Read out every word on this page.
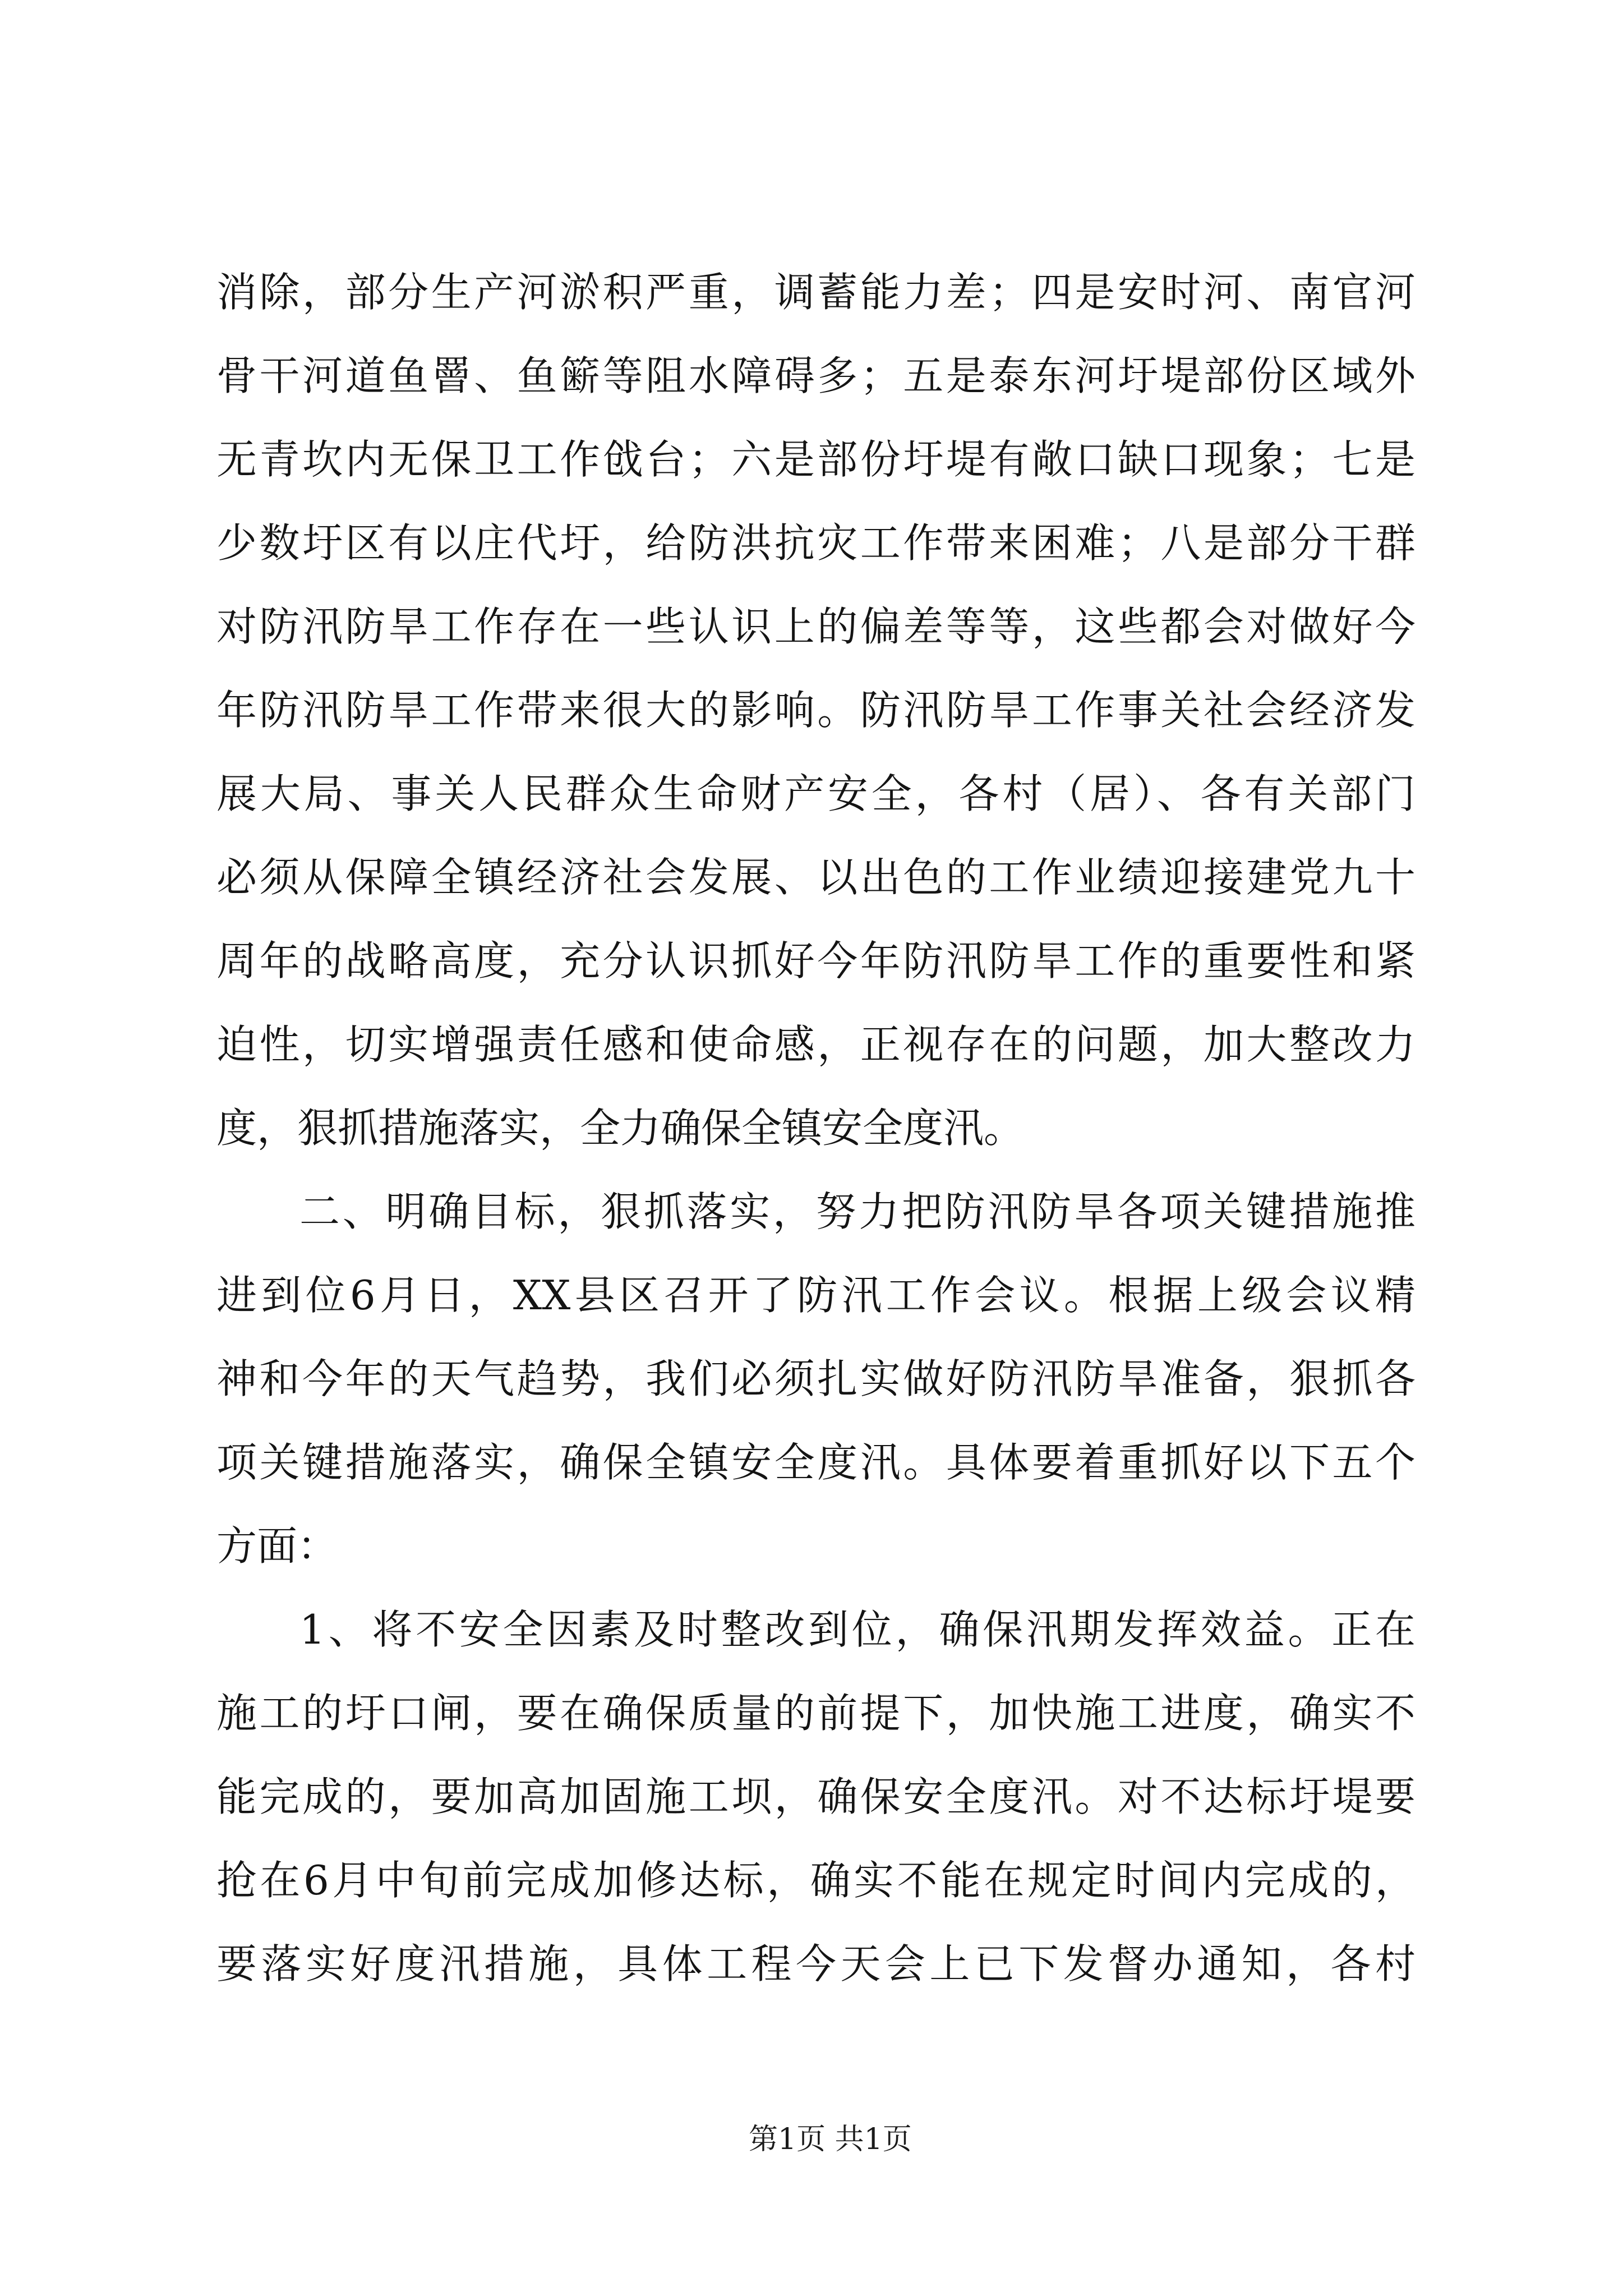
消除，部分生产河淤积严重，调蓄能力差；四是安时河、南官河
骨干河道鱼罾、鱼簖等阻水障碍多；五是泰东河圩堤部份区域外
无青坎内无保卫工作戗台；六是部份圩堤有敞口缺口现象；七是
少数圩区有以庄代圩，给防洪抗灾工作带来困难；八是部分干群
对防汛防旱工作存在一些认识上的偏差等等，这些都会对做好今
年防汛防旱工作带来很大的影响。防汛防旱工作事关社会经济发
展大局、事关人民群众生命财产安全，各村（居）、各有关部门
必须从保障全镇经济社会发展、以出色的工作业绩迎接建党九十
周年的战略高度，充分认识抓好今年防汛防旱工作的重要性和紧
迫性，切实增强责任感和使命感，正视存在的问题，加大整改力
度，狠抓措施落实，全力确保全镇安全度汛。
二、明确目标，狠抓落实，努力把防汛防旱各项关键措施推
进到位6月日，XX县区召开了防汛工作会议。根据上级会议精
神和今年的天气趋势，我们必须扎实做好防汛防旱准备，狠抓各
项关键措施落实，确保全镇安全度汛。具体要着重抓好以下五个
方面：
1、将不安全因素及时整改到位，确保汛期发挥效益。正在
施工的圩口闸，要在确保质量的前提下，加快施工进度，确实不
能完成的，要加高加固施工坝，确保安全度汛。对不达标圩堤要
抢在6月中旬前完成加修达标，确实不能在规定时间内完成的，
要落实好度汛措施，具体工程今天会上已下发督办通知，各村
第1页 共1页
